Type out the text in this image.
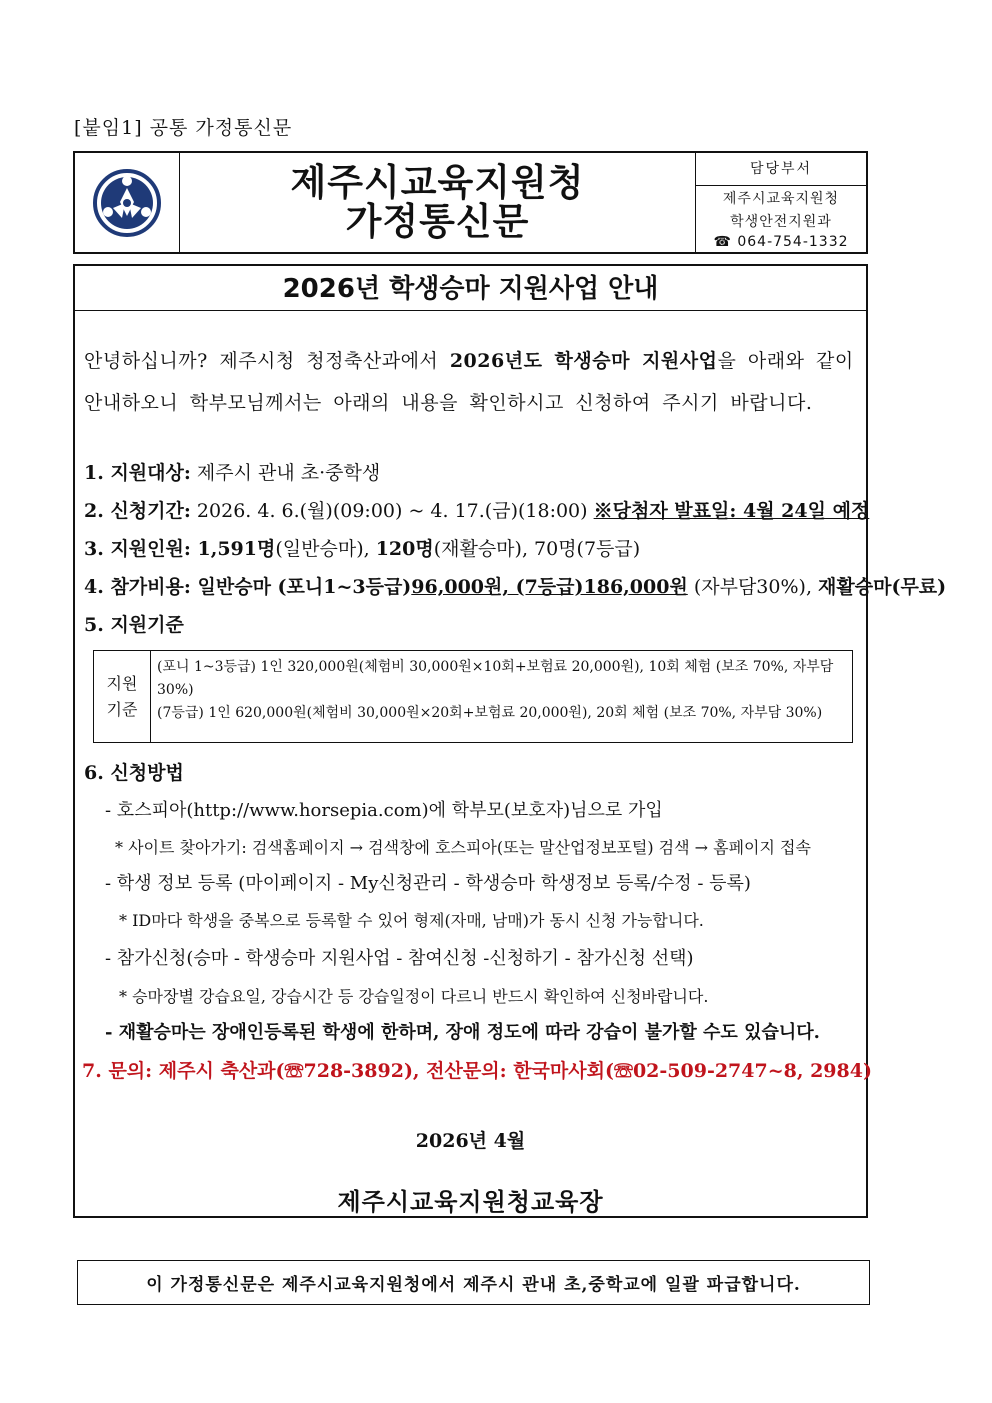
[붙임1] 공통 가정통신문
제주시교육지원청
가정통신문
담당부서
제주시교육지원청
학생안전지원과
☎ 064-754-1332
2026년 학생승마 지원사업 안내
안녕하십니까? 제주시청 청정축산과에서 2026년도 학생승마 지원사업을 아래와 같이
안내하오니 학부모님께서는 아래의 내용을 확인하시고 신청하여 주시기 바랍니다.
1. 지원대상: 제주시 관내 초·중학생
2. 신청기간: 2026. 4. 6.(월)(09:00) ~ 4. 17.(금)(18:00) ※당첨자 발표일: 4월 24일 예정
3. 지원인원: 1,591명(일반승마), 120명(재활승마), 70명(7등급)
4. 참가비용: 일반승마 (포니1~3등급)96,000원, (7등급)186,000원 (자부담30%), 재활승마(무료)
5. 지원기준
지원
기준
(포니 1~3등급) 1인 320,000원(체험비 30,000원×10회+보험료 20,000원), 10회 체험 (보조 70%, 자부담 30%)
(7등급) 1인 620,000원(체험비 30,000원×20회+보험료 20,000원), 20회 체험 (보조 70%, 자부담 30%)
6. 신청방법
- 호스피아(http://www.horsepia.com)에 학부모(보호자)님으로 가입
* 사이트 찾아가기: 검색홈페이지 → 검색창에 호스피아(또는 말산업정보포털) 검색 → 홈페이지 접속
- 학생 정보 등록 (마이페이지 - My신청관리 - 학생승마 학생정보 등록/수정 - 등록)
* ID마다 학생을 중복으로 등록할 수 있어 형제(자매, 남매)가 동시 신청 가능합니다.
- 참가신청(승마 - 학생승마 지원사업 - 참여신청 -신청하기 - 참가신청 선택)
* 승마장별 강습요일, 강습시간 등 강습일정이 다르니 반드시 확인하여 신청바랍니다.
- 재활승마는 장애인등록된 학생에 한하며, 장애 정도에 따라 강습이 불가할 수도 있습니다.
7. 문의: 제주시 축산과(☏728-3892), 전산문의: 한국마사회(☏02-509-2747~8, 2984)
2026년 4월
제주시교육지원청교육장
이 가정통신문은 제주시교육지원청에서 제주시 관내 초,중학교에 일괄 파급합니다.
